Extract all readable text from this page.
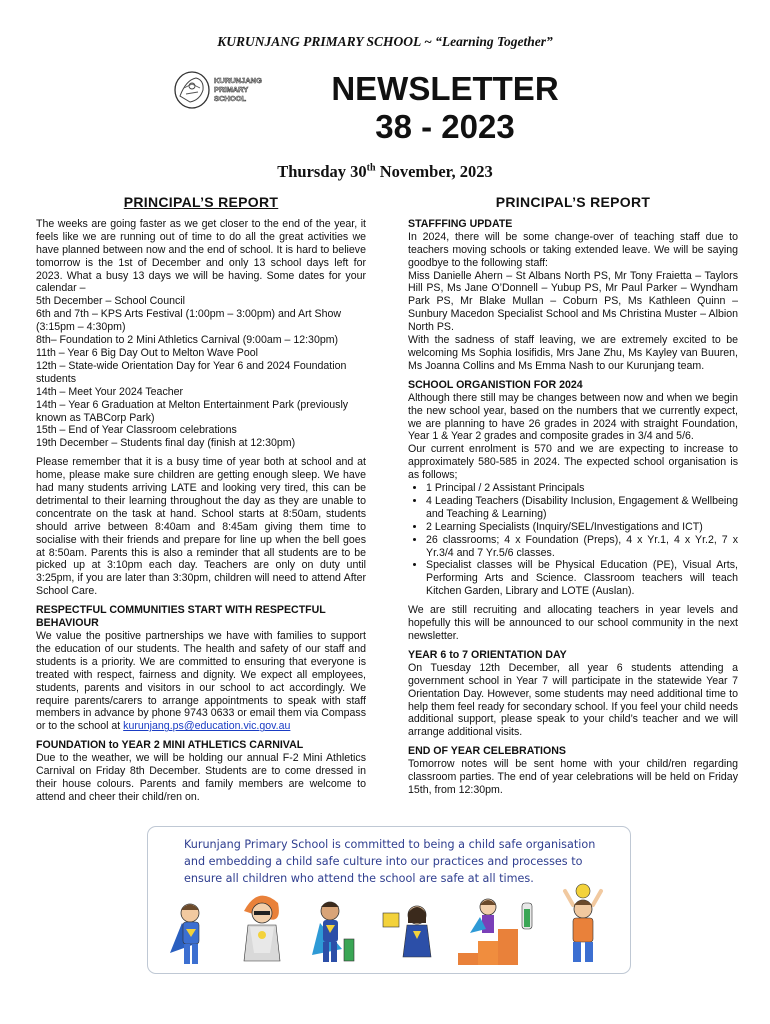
KURUNJANG PRIMARY SCHOOL ~ “Learning Together”
KURUNJANG
PRIMARY
SCHOOL	NEWSLETTER
38 - 2023
Thursday 30th November, 2023
PRINCIPAL’S REPORT

The weeks are going faster as we get closer to the end of the year, it feels like we are running out of time to do all the great activities we have planned between now and the end of school. It is hard to believe tomorrow is the 1st of December and only 13 school days left for 2023. What a busy 13 days we will be having. Some dates for your calendar –

5th December – School Council
6th and 7th – KPS Arts Festival (1:00pm – 3:00pm) and Art Show (3:15pm – 4:30pm)
8th– Foundation to 2 Mini Athletics Carnival (9:00am – 12:30pm)
11th – Year 6 Big Day Out to Melton Wave Pool
12th – State-wide Orientation Day for Year 6 and 2024 Foundation students
14th – Meet Your 2024 Teacher
14th – Year 6 Graduation at Melton Entertainment Park (previously known as TABCorp Park)
15th – End of Year Classroom celebrations
19th December – Students final day (finish at 12:30pm)

Please remember that it is a busy time of year both at school and at home, please make sure children are getting enough sleep. We have had many students arriving LATE and looking very tired, this can be detrimental to their learning throughout the day as they are unable to concentrate on the task at hand. School starts at 8:50am, students should arrive between 8:40am and 8:45am giving them time to socialise with their friends and prepare for line up when the bell goes at 8:50am. Parents this is also a reminder that all students are to be picked up at 3:10pm each day. Teachers are only on duty until 3:25pm, if you are later than 3:30pm, children will need to attend After School Care.

RESPECTFUL COMMUNITIES START WITH RESPECTFUL BEHAVIOUR

We value the positive partnerships we have with families to support the education of our students. The health and safety of our staff and students is a priority. We are committed to ensuring that everyone is treated with respect, fairness and dignity. We expect all employees, students, parents and visitors in our school to act accordingly. We require parents/carers to arrange appointments to speak with staff members in advance by phone 9743 0633 or email them via Compass or to the school at kurunjang.ps@education.vic.gov.au

FOUNDATION to YEAR 2 MINI ATHLETICS CARNIVAL

Due to the weather, we will be holding our annual F-2 Mini Athletics Carnival on Friday 8th December. Students are to come dressed in their house colours. Parents and family members are welcome to attend and cheer their child/ren on.

PRINCIPAL’S REPORT
STAFFFING UPDATE

In 2024, there will be some change-over of teaching staff due to teachers moving schools or taking extended leave. We will be saying goodbye to the following staff:
Miss Danielle Ahern – St Albans North PS, Mr Tony Fraietta – Taylors Hill PS, Ms Jane O’Donnell – Yubup PS, Mr Paul Parker – Wyndham Park PS, Mr Blake Mullan – Coburn PS, Ms Kathleen Quinn – Sunbury Macedon Specialist School and Ms Christina Muster – Albion North PS.
With the sadness of staff leaving, we are extremely excited to be welcoming Ms Sophia Iosifidis, Mrs Jane Zhu, Ms Kayley van Buuren, Ms Joanna Collins and Ms Emma Nash to our Kurunjang team.

SCHOOL ORGANISTION FOR 2024

Although there still may be changes between now and when we begin the new school year, based on the numbers that we currently expect, we are planning to have 26 grades in 2024 with straight Foundation, Year 1 & Year 2 grades and composite grades in 3/4 and 5/6.
Our current enrolment is 570 and we are expecting to increase to approximately 580-585 in 2024. The expected school organisation is as follows;

• 1 Principal / 2 Assistant Principals
• 4 Leading Teachers (Disability Inclusion, Engagement & Wellbeing and Teaching & Learning)
• 2 Learning Specialists (Inquiry/SEL/Investigations and ICT)
• 26 classrooms; 4 x Foundation (Preps), 4 x Yr.1, 4 x Yr.2, 7 x Yr.3/4 and 7 Yr.5/6 classes.
• Specialist classes will be Physical Education (PE), Visual Arts, Performing Arts and Science. Classroom teachers will teach Kitchen Garden, Library and LOTE (Auslan).

We are still recruiting and allocating teachers in year levels and hopefully this will be announced to our school community in the next newsletter.

YEAR 6 to 7 ORIENTATION DAY

On Tuesday 12th December, all year 6 students attending a government school in Year 7 will participate in the statewide Year 7 Orientation Day. However, some students may need additional time to help them feel ready for secondary school. If you feel your child needs additional support, please speak to your child’s teacher and we will arrange additional visits.

END OF YEAR CELEBRATIONS

Tomorrow notes will be sent home with your child/ren regarding classroom parties. The end of year celebrations will be held on Friday 15th, from 12:30pm.

Kurunjang Primary School is committed to being a child safe organisation and embedding a child safe culture into our practices and processes to ensure all children who attend the school are safe at all times.
